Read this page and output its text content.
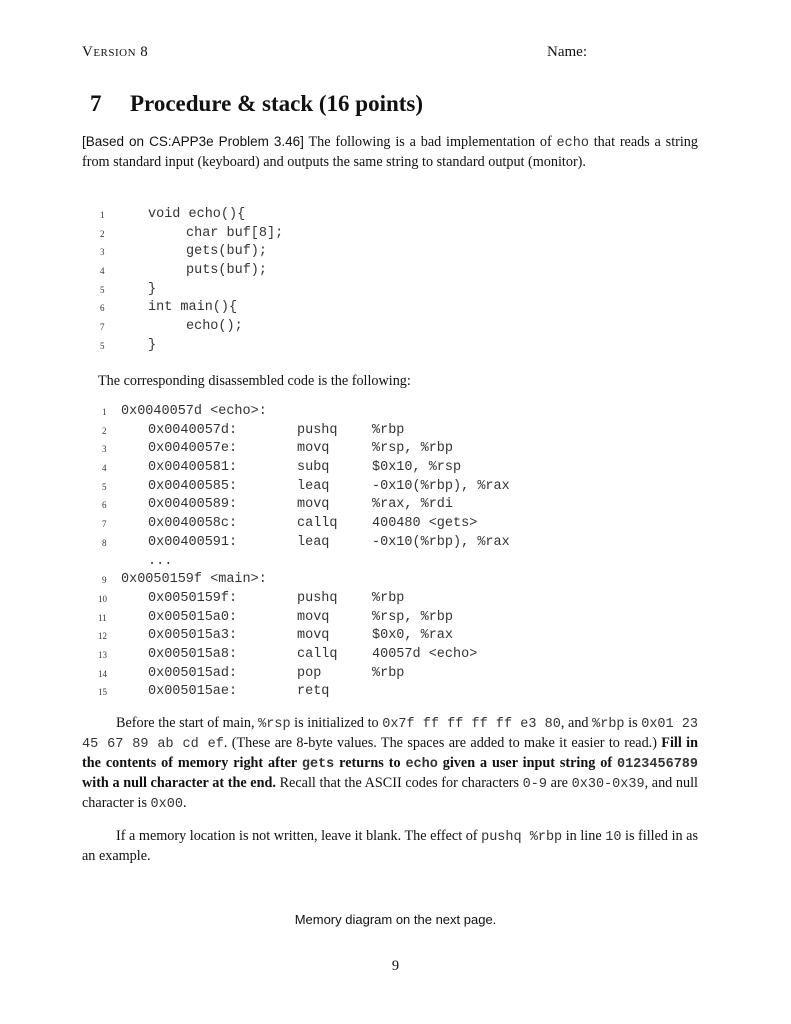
Version 8	Name:
7 Procedure & stack (16 points)

[Based on CS:APP3e Problem 3.46] The following is a bad implementation of echo that reads a string from standard input (keyboard) and outputs the same string to standard output (monitor).

1	void echo(){
2	char buf[8];
3	gets(buf);
4	puts(buf);
5	}
6	int main(){
7	echo();
5	}

The corresponding disassembled code is the following:

1	0x0040057d <echo>:
2	0x0040057d:	pushq	%rbp
3	0x0040057e:	movq	%rsp, %rbp
4	0x00400581:	subq	$0x10, %rsp
5	0x00400585:	leaq	-0x10(%rbp), %rax
6	0x00400589:	movq	%rax, %rdi
7	0x0040058c:	callq	400480 <gets>
8	0x00400591:	leaq	-0x10(%rbp), %rax
...
9	0x0050159f <main>:
10	0x0050159f:	pushq	%rbp
11	0x005015a0:	movq	%rsp, %rbp
12	0x005015a3:	movq	$0x0, %rax
13	0x005015a8:	callq	40057d <echo>
14	0x005015ad:	pop	%rbp
15	0x005015ae:	retq

Before the start of main, %rsp is initialized to 0x7f ff ff ff ff e3 80, and %rbp is 0x01 23 45 67 89 ab cd ef. (These are 8-byte values. The spaces are added to make it easier to read.) Fill in the contents of memory right after gets returns to echo given a user input string of 0123456789 with a null character at the end. Recall that the ASCII codes for characters 0-9 are 0x30-0x39, and null character is 0x00.

If a memory location is not written, leave it blank. The effect of pushq %rbp in line 10 is filled in as an example.

Memory diagram on the next page.
9
